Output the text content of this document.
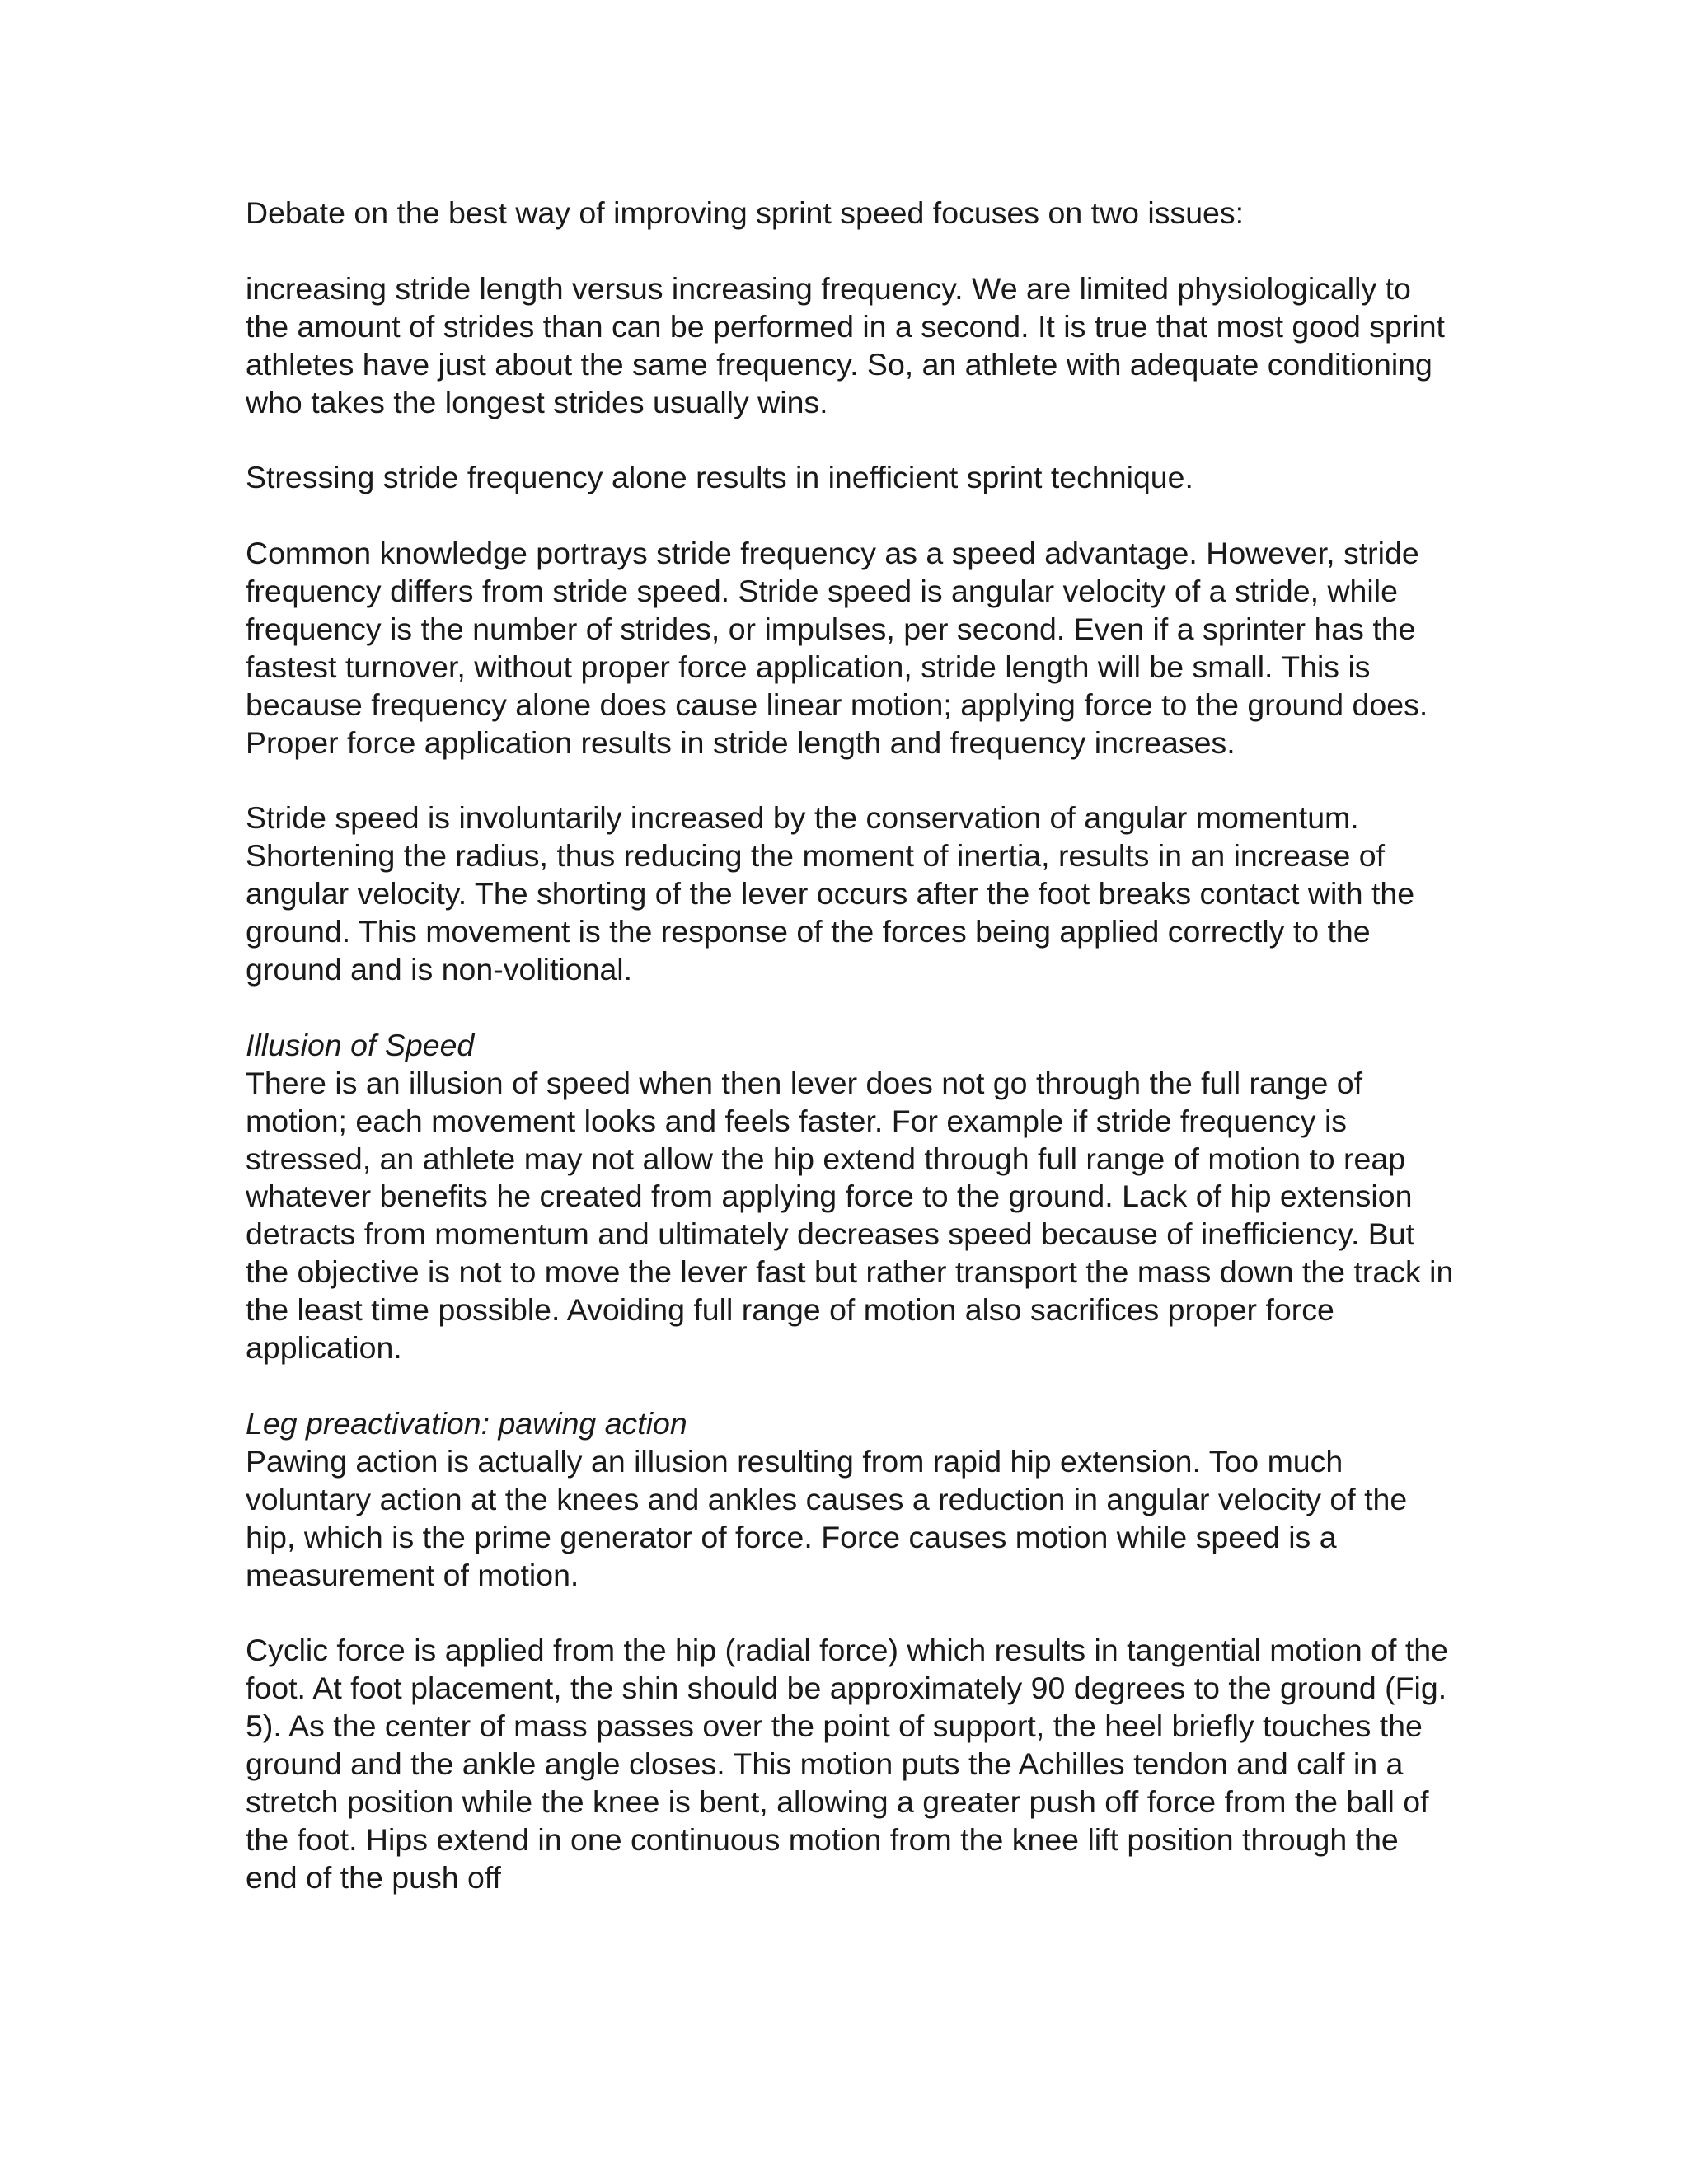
Debate on the best way of improving sprint speed focuses on two issues:

increasing stride length versus increasing frequency. We are limited physiologically to the amount of strides than can be performed in a second. It is true that most good sprint athletes have just about the same frequency. So, an athlete with adequate conditioning who takes the longest strides usually wins.

Stressing stride frequency alone results in inefficient sprint technique.

Common knowledge portrays stride frequency as a speed advantage. However, stride frequency differs from stride speed. Stride speed is angular velocity of a stride, while frequency is the number of strides, or impulses, per second. Even if a sprinter has the fastest turnover, without proper force application, stride length will be small. This is because frequency alone does cause linear motion; applying force to the ground does. Proper force application results in stride length and frequency increases.

Stride speed is involuntarily increased by the conservation of angular momentum. Shortening the radius, thus reducing the moment of inertia, results in an increase of angular velocity. The shorting of the lever occurs after the foot breaks contact with the ground. This movement is the response of the forces being applied correctly to the ground and is non-volitional.

Illusion of Speed

There is an illusion of speed when then lever does not go through the full range of motion; each movement looks and feels faster. For example if stride frequency is stressed, an athlete may not allow the hip extend through full range of motion to reap whatever benefits he created from applying force to the ground. Lack of hip extension detracts from momentum and ultimately decreases speed because of inefficiency. But the objective is not to move the lever fast but rather transport the mass down the track in the least time possible. Avoiding full range of motion also sacrifices proper force application.

Leg preactivation: pawing action

Pawing action is actually an illusion resulting from rapid hip extension. Too much voluntary action at the knees and ankles causes a reduction in angular velocity of the hip, which is the prime generator of force. Force causes motion while speed is a measurement of motion.

Cyclic force is applied from the hip (radial force) which results in tangential motion of the foot. At foot placement, the shin should be approximately 90 degrees to the ground (Fig. 5). As the center of mass passes over the point of support, the heel briefly touches the ground and the ankle angle closes. This motion puts the Achilles tendon and calf in a stretch position while the knee is bent, allowing a greater push off force from the ball of the foot. Hips extend in one continuous motion from the knee lift position through the end of the push off
